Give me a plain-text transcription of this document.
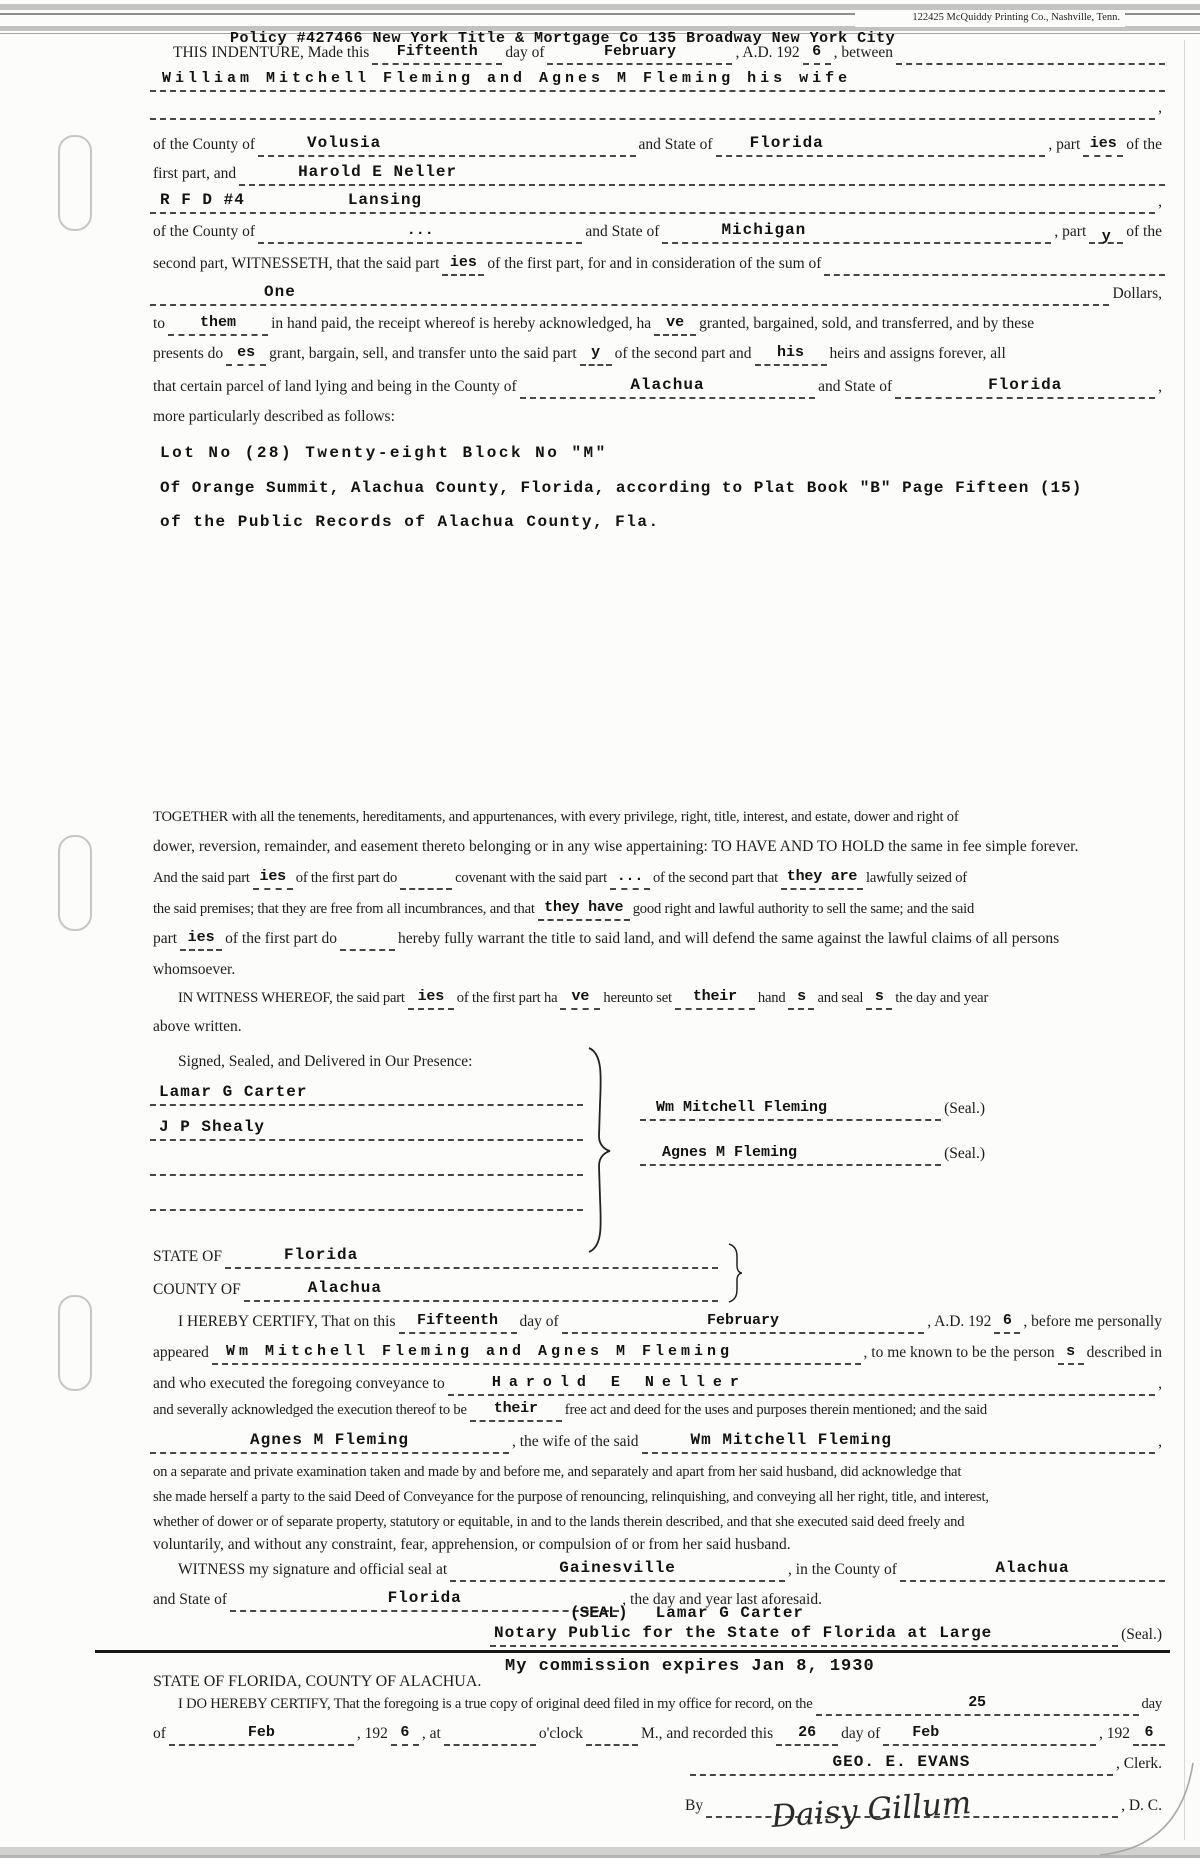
122425 McQuiddy Printing Co., Nashville, Tenn.
Policy #427466 New York Title & Mortgage Co 135 Broadway New York City
THIS INDENTURE, Made this Fifteenth day of	February	, A.D. 192 6 , between
William Mitchell Fleming and Agnes M Fleming his wife
,
of the County of	Volusia	and State of Florida	, part ies of the
first part, and	Harold E Neller
R F D #4	Lansing	,
of the County of	...	and State of	Michigan	, part y of the
second part, WITNESSETH, that the said part ies of the first part, for and in consideration of the sum of
One	Dollars,
to them in hand paid, the receipt whereof is hereby acknowledged, ha ve granted, bargained, sold, and transferred, and by these
presents do es grant, bargain, sell, and transfer unto the said part y of the second part and his heirs and assigns forever, all
that certain parcel of land lying and being in the County of	Alachua	and State of	Florida	,
more particularly described as follows:
Lot No (28) Twenty-eight Block No "M"
Of Orange Summit, Alachua County, Florida, according to Plat Book "B" Page Fifteen (15)
of the Public Records of Alachua County, Fla.
TOGETHER with all the tenements, hereditaments, and appurtenances, with every privilege, right, title, interest, and estate, dower and right of
dower, reversion, remainder, and easement thereto belonging or in any wise appertaining: TO HAVE AND TO HOLD the same in fee simple forever.
And the said part ies of the first part do	covenant with the said part ... of the second part that they are lawfully seized of
the said premises; that they are free from all incumbrances, and that they have good right and lawful authority to sell the same; and the said
part ies of the first part do	hereby fully warrant the title to said land, and will defend the same against the lawful claims of all persons
whomsoever.
IN WITNESS WHEREOF, the said part ies of the first part ha ve hereunto set their hand s and seal s the day and year
above written.
Signed, Sealed, and Delivered in Our Presence:
Lamar G Carter
J P Shealy
Wm Mitchell Fleming	(Seal.)
Agnes M Fleming	(Seal.)
STATE OF	Florida
COUNTY OF	Alachua
I HEREBY CERTIFY, That on this Fifteenth day of	February	, A.D. 192 6 , before me personally
appeared Wm Mitchell Fleming and Agnes M Fleming	, to me known to be the person s described in
and who executed the foregoing conveyance to	Harold E Neller	,
and severally acknowledged the execution thereof to be their free act and deed for the uses and purposes therein mentioned; and the said
Agnes M Fleming	, the wife of the said	Wm Mitchell Fleming	,
on a separate and private examination taken and made by and before me, and separately and apart from her said husband, did acknowledge that
she made herself a party to the said Deed of Conveyance for the purpose of renouncing, relinquishing, and conveying all her right, title, and interest,
whether of dower or of separate property, statutory or equitable, in and to the lands therein described, and that she executed said deed freely and
voluntarily, and without any constraint, fear, apprehension, or compulsion of or from her said husband.
WITNESS my signature and official seal at	Gainesville	, in the County of	Alachua
and State of	Florida	, the day and year last aforesaid.
(SEAL) Lamar G Carter
Notary Public for the State of Florida at Large	(Seal.)
My commission expires Jan 8, 1930
STATE OF FLORIDA, COUNTY OF ALACHUA.
I DO HEREBY CERTIFY, That the foregoing is a true copy of original deed filed in my office for record, on the	25	day
of	Feb	, 192 6 , at	o'clock	M., and recorded this 26 day of Feb	, 192 6
GEO. E. EVANS	, Clerk.
By	Daisy Gillum	, D. C.
